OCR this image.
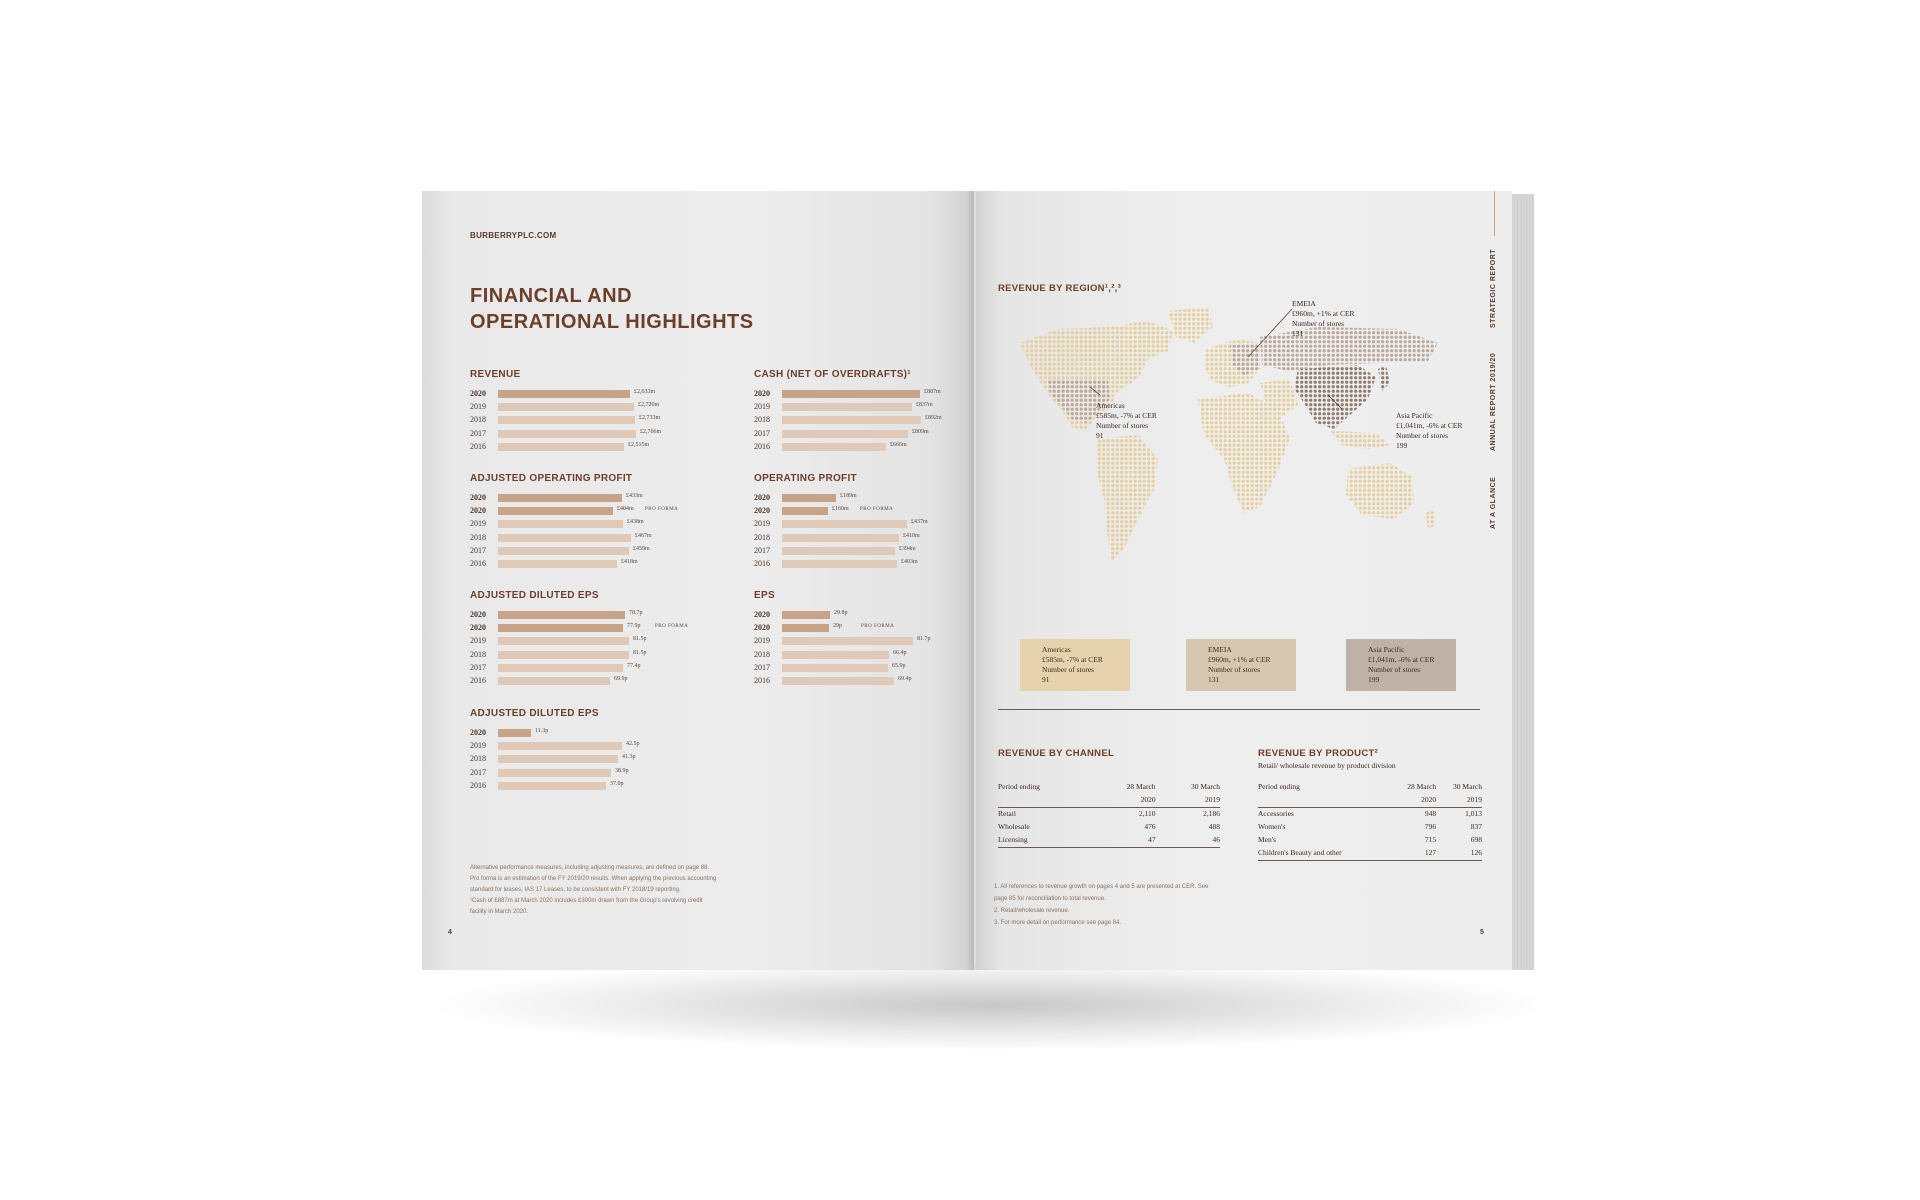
BURBERRYPLC.COM
FINANCIAL AND
OPERATIONAL HIGHLIGHTS
REVENUE
2020	£2,633m
2019	£2,720m
2018	£2,733m
2017	£2,766m
2016	£2,515m
CASH (NET OF OVERDRAFTS)¹
2020	£887m
2019	£837m
2018	£892m
2017	£809m
2016	£666m
ADJUSTED OPERATING PROFIT
2020	£433m
2020	£404m PRO FORMA
2019	£438m
2018	£467m
2017	£459m
2016	£418m
OPERATING PROFIT
2020	£189m
2020	£160m PRO FORMA
2019	£437m
2018	£410m
2017	£394m
2016	£403m
ADJUSTED DILUTED EPS
2020	78.7p
2020	77.9p	PRO FORMA
2019	81.5p
2018	81.5p
2017	77.4p
2016	69.9p
EPS
2020	29.8p
2020	29p	PRO FORMA
2019	81.7p
2018	66.4p
2017	65.9p
2016	69.4p
ADJUSTED DILUTED EPS
2020	11.3p
2019	42.5p
2018	41.3p
2017	38.9p
2016	37.0p
Alternative performance measures, including adjusting measures, are defined on page 88. Pro forma is an estimation of the FY 2019/20 results. When applying the previous accounting standard for leases, IAS 17 Leases, to be consistent with FY 2018/19 reporting.
¹Cash of £887m at March 2020 includes £300m drawn from the Group's revolving credit facility in March 2020.
4
STRATEGIC REPORT
ANNUAL REPORT 2019/20
AT A GLANCE
REVENUE BY REGION¹,²,³
EMEIA
£960m, +1% at CER
Number of stores
131
Americas
£585m, -7% at CER
Number of stores
91
Asia Pacific
£1,041m, -6% at CER
Number of stores
199
Americas
£585m, -7% at CER
Number of stores
91
EMEIA
£960m, +1% at CER
Number of stores
131
Asia Pacific
£1,041m, -6% at CER
Number of stores
199
REVENUE BY CHANNEL
Period ending	28 March	30 March
	2020	2019
Retail	2,110	2,186
Wholesale	476	488
Licensing	47	46
REVENUE BY PRODUCT²
Retail/ wholesale revenue by product division
Period ending	28 March	30 March
	2020	2019
Accessories	948	1,013
Women's	796	837
Men's	715	698
Children's Beauty and other	127	126
1. All references to revenue growth on pages 4 and 5 are presented at CER. See
page 85 for reconciliation to total revenue.
2. Retail/wholesale revenue.
3. For more detail on performance see page 84.
5
